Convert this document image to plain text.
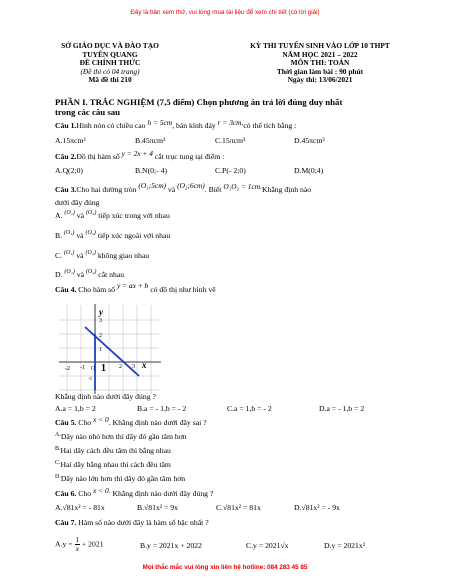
Đây là bản xem thử, vui lòng mua tài liệu để xem chi tiết (có lời giải)
SỞ GIÁO DỤC VÀ ĐÀO TẠO
TUYÊN QUANG
ĐỀ CHÍNH THỨC
(Đề thi có 04 trang)
Mã đề thi 210
KỲ THI TUYỂN SINH VÀO LỚP 10 THPT
NĂM HỌC 2021 – 2022
MÔN THI: TOÁN
Thời gian làm bài : 90 phút
Ngày thi: 13/06/2021
PHẦN I. TRẮC NGHIỆM (7,5 điểm) Chọn phương án trả lời đúng duy nhất
trong các câu sau
Câu 1.Hình nón có chiều cao h = 5cm, bán kính đáy r = 3cm,có thể tích bằng :
A.15πcm²	B.45πcm²	C.15πcm³	D.45πcm³
Câu 2.Đồ thị hàm số y = 2x + 4 cắt trục tung tại điểm :
A.Q(2;0)	B.N(0;- 4)	C.P(- 2;0)	D.M(0;4)
Câu 3.Cho hai đường tròn (O₁;5cm) và (O₂;6cm). Biết O₁O₂ = 1cm.Khẳng định nào
dưới đây đúng
A. $^{(O_1)}$ và $^{(O_2)}$ tiếp xúc trong với nhau
B. $^{(O_1)}$ và $^{(O_2)}$ tiếp xúc ngoài với nhau
C. $^{(O_1)}$ và $^{(O_2)}$ không giao nhau
D. $^{(O_1)}$ và $^{(O_2)}$ cắt nhau
Câu 4. Cho hàm số y = ax + b có đồ thị như hình vẽ
y
x
O
-2 -1 1 2 3
3
2
1
-1
Khẳng định nào dưới đây đúng ?
A.a = 1,b = 2	B.a = - 1,b = - 2	C.a = 1,b = - 2	D.a = - 1,b = 2
Câu 5. Cho x < 0. Khẳng định nào dưới đây sai ?
$^{A.}$Dây nào nhỏ hơn thì dây đó gần tâm hơn
$^{B.}$Hai dây cách đều tâm thì bằng nhau
$^{C.}$Hai dây bằng nhau thì cách đều tâm
$^{D.}$Dây nào lớn hơn thì dây đó gần tâm hơn
Câu 6. Cho x < 0. Khẳng định nào dưới đây đúng ?
A.√81x² = - 81x	B.√81x² = 9x	C.√81x² = 81x	D.√81x² = - 9x
Câu 7. Hàm số nào dưới đây là hàm số bậc nhất ?
$A.y = \frac{1}{x} + 2021$	B.y = 2021x + 2022	C.y = 2021√x	D.y = 2021x²
Mọi thắc mắc vui lòng xin liên hệ hotline: 084 283 45 85
